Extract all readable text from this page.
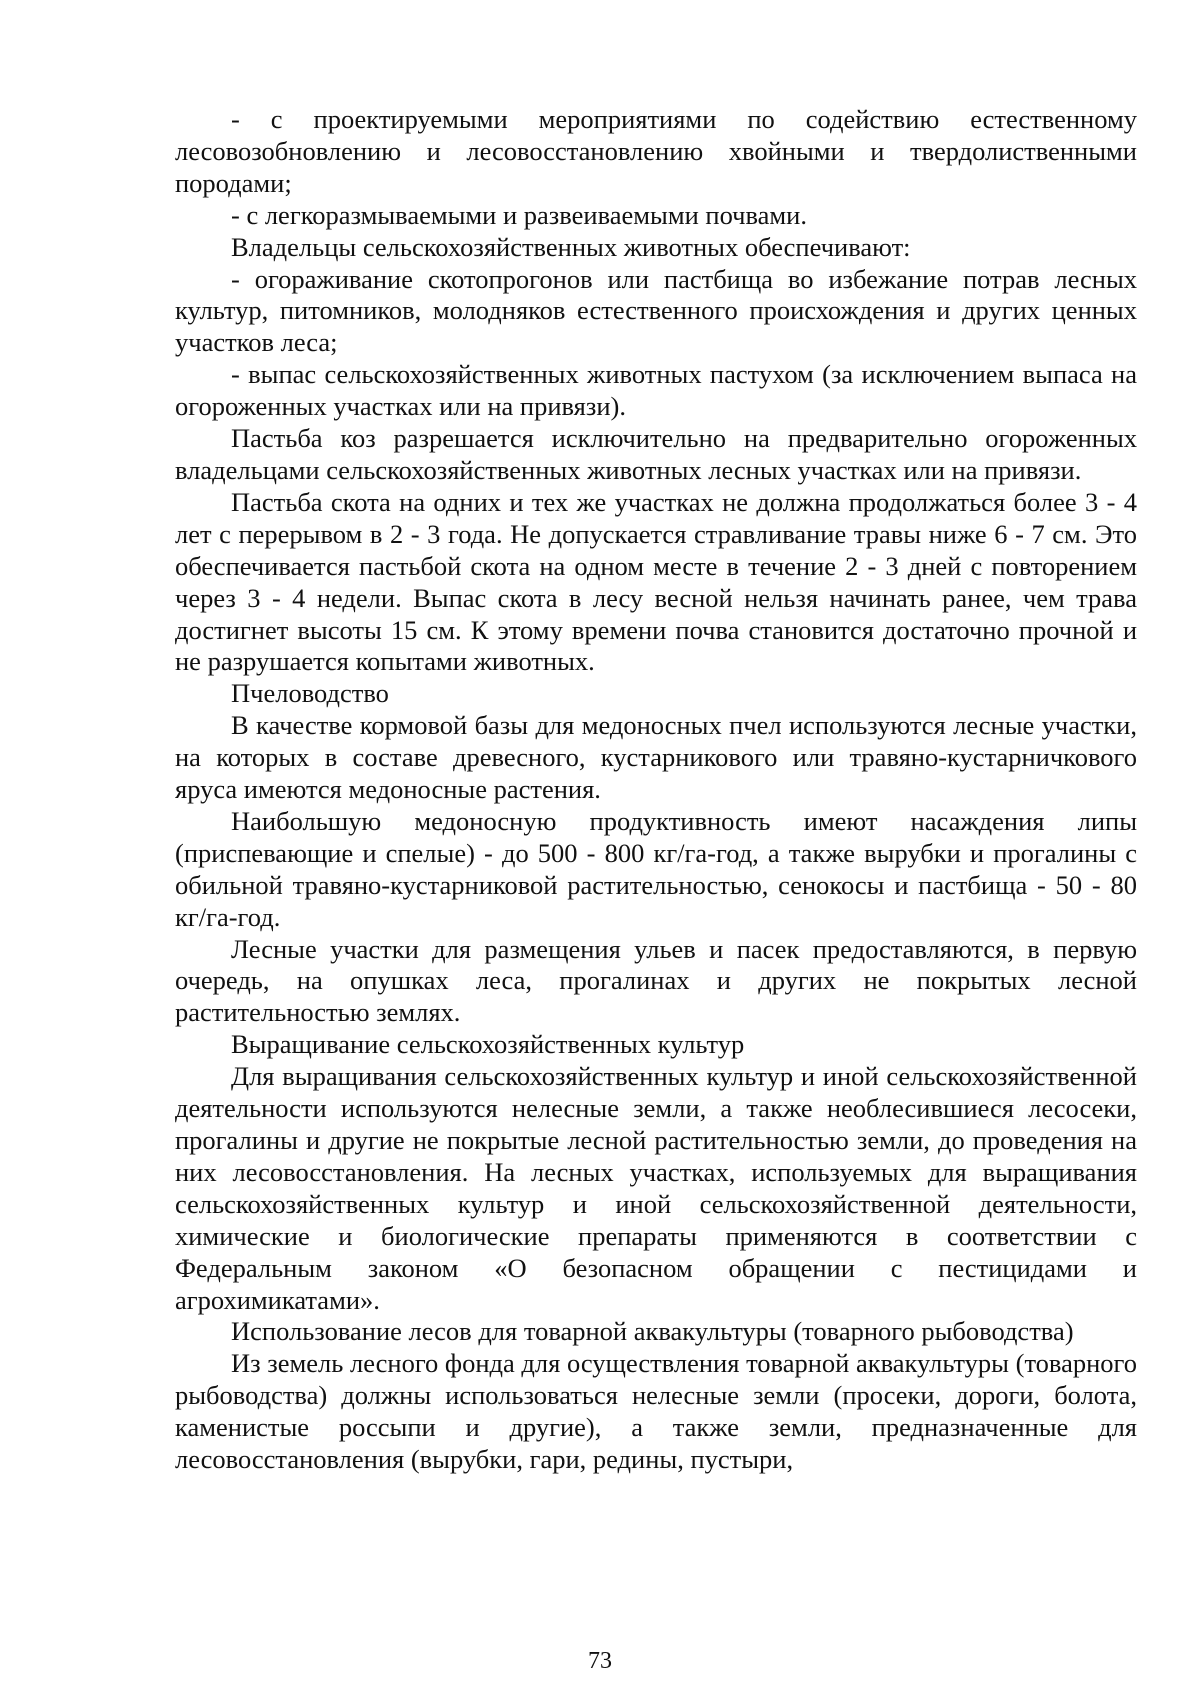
- с проектируемыми мероприятиями по содействию естественному лесовозобновлению и лесовосстановлению хвойными и твердолиственными породами;

- с легкоразмываемыми и развеиваемыми почвами.

Владельцы сельскохозяйственных животных обеспечивают:

- огораживание скотопрогонов или пастбища во избежание потрав лесных культур, питомников, молодняков естественного происхождения и других ценных участков леса;

- выпас сельскохозяйственных животных пастухом (за исключением выпаса на огороженных участках или на привязи).

Пастьба коз разрешается исключительно на предварительно огороженных владельцами сельскохозяйственных животных лесных участках или на привязи.

Пастьба скота на одних и тех же участках не должна продолжаться более 3 - 4 лет с перерывом в 2 - 3 года. Не допускается стравливание травы ниже 6 - 7 см. Это обеспечивается пастьбой скота на одном месте в течение 2 - 3 дней с повторением через 3 - 4 недели. Выпас скота в лесу весной нельзя начинать ранее, чем трава достигнет высоты 15 см. К этому времени почва становится достаточно прочной и не разрушается копытами животных.

Пчеловодство

В качестве кормовой базы для медоносных пчел используются лесные участки, на которых в составе древесного, кустарникового или травяно-кустарничкового яруса имеются медоносные растения.

Наибольшую медоносную продуктивность имеют насаждения липы (приспевающие и спелые) - до 500 - 800 кг/га-год, а также вырубки и прогалины с обильной травяно-кустарниковой растительностью, сенокосы и пастбища - 50 - 80 кг/га-год.

Лесные участки для размещения ульев и пасек предоставляются, в первую очередь, на опушках леса, прогалинах и других не покрытых лесной растительностью землях.

Выращивание сельскохозяйственных культур

Для выращивания сельскохозяйственных культур и иной сельскохозяйственной деятельности используются нелесные земли, а также необлесившиеся лесосеки, прогалины и другие не покрытые лесной растительностью земли, до проведения на них лесовосстановления. На лесных участках, используемых для выращивания сельскохозяйственных культур и иной сельскохозяйственной деятельности, химические и биологические препараты применяются в соответствии с Федеральным законом «О безопасном обращении с пестицидами и агрохимикатами».

Использование лесов для товарной аквакультуры (товарного рыбоводства)

Из земель лесного фонда для осуществления товарной аквакультуры (товарного рыбоводства) должны использоваться нелесные земли (просеки, дороги, болота, каменистые россыпи и другие), а также земли, предназначенные для лесовосстановления (вырубки, гари, редины, пустыри,

73
